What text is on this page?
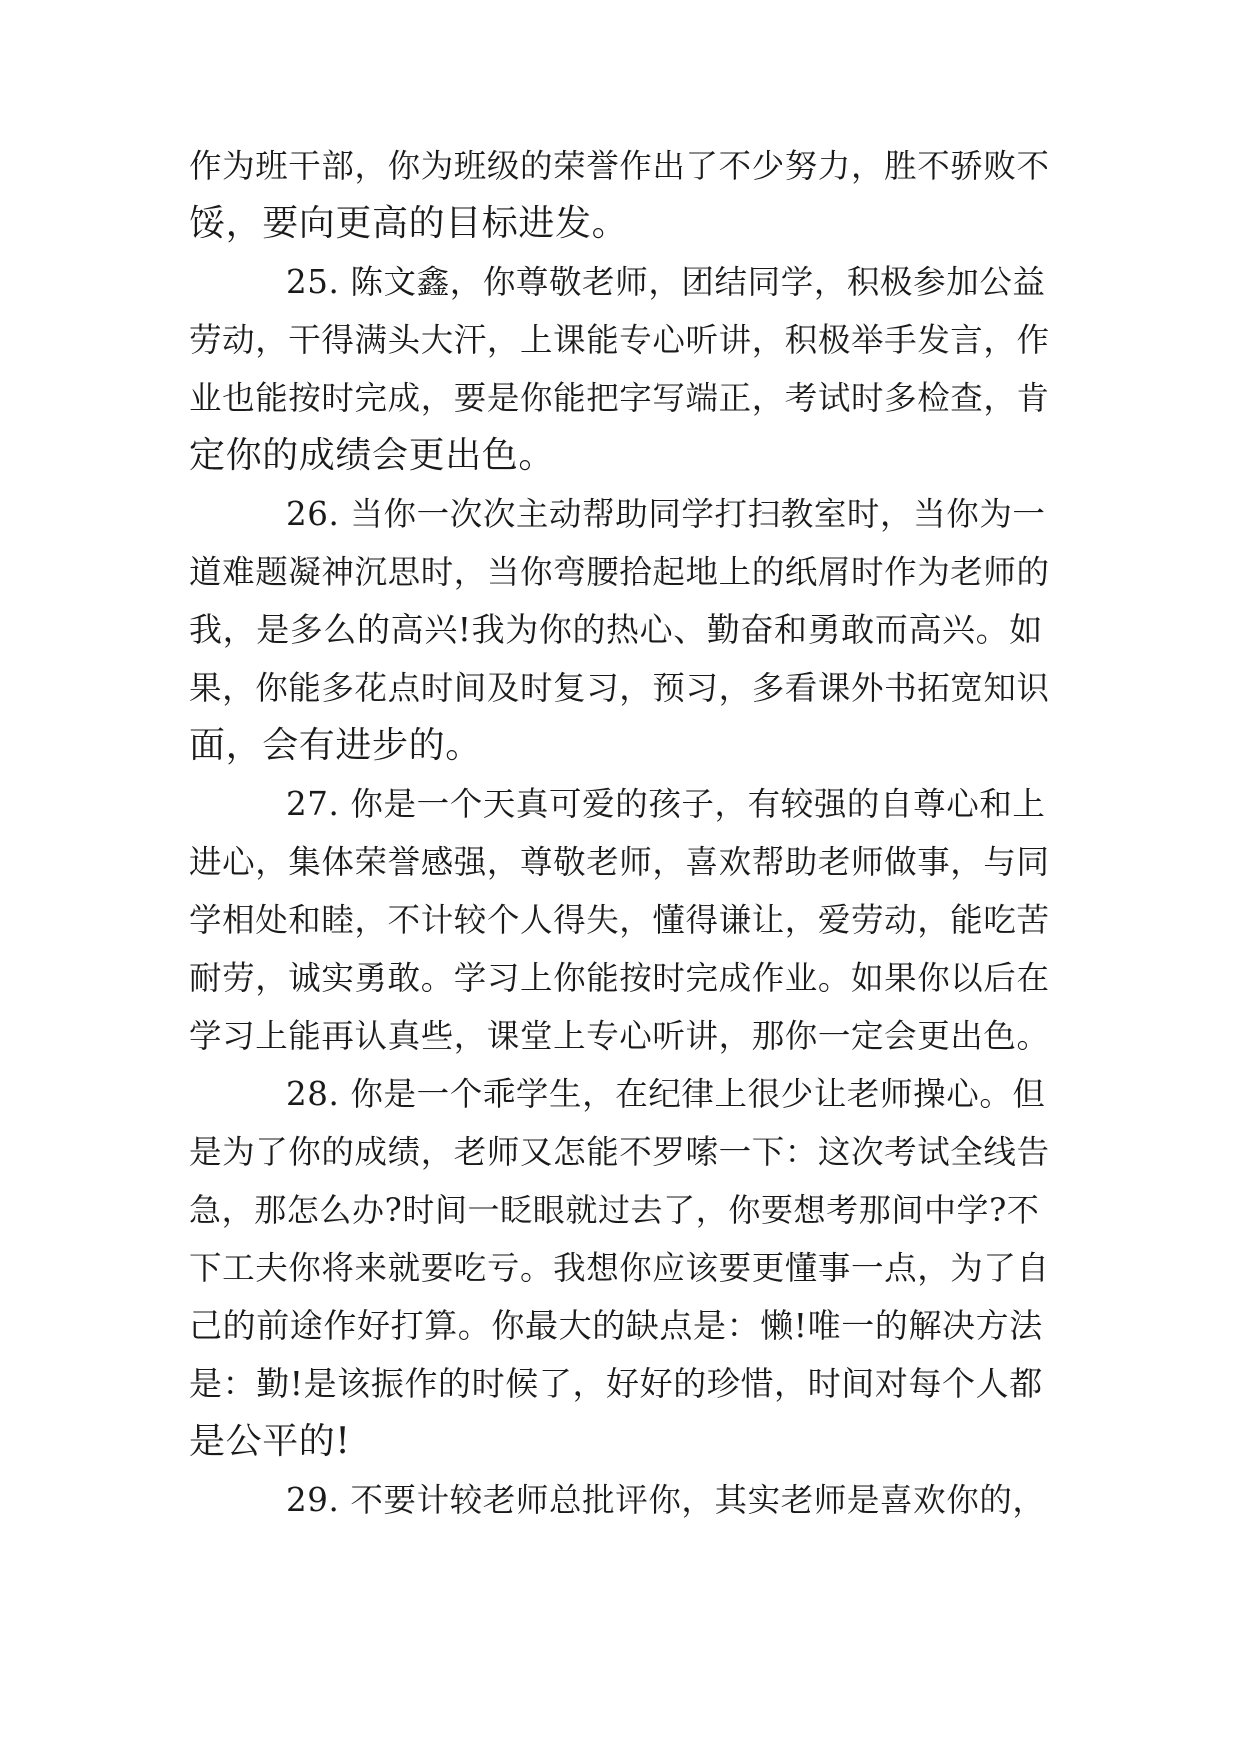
作为班干部，你为班级的荣誉作出了不少努力，胜不骄败不
馁，要向更高的目标进发。
25. 陈文鑫，你尊敬老师，团结同学，积极参加公益
劳动，干得满头大汗，上课能专心听讲，积极举手发言，作
业也能按时完成，要是你能把字写端正，考试时多检查，肯
定你的成绩会更出色。
26. 当你一次次主动帮助同学打扫教室时，当你为一
道难题凝神沉思时，当你弯腰拾起地上的纸屑时作为老师的
我，是多么的高兴!我为你的热心、勤奋和勇敢而高兴。如
果，你能多花点时间及时复习，预习，多看课外书拓宽知识
面，会有进步的。
27. 你是一个天真可爱的孩子，有较强的自尊心和上
进心，集体荣誉感强，尊敬老师，喜欢帮助老师做事，与同
学相处和睦，不计较个人得失，懂得谦让，爱劳动，能吃苦
耐劳，诚实勇敢。学习上你能按时完成作业。如果你以后在
学习上能再认真些，课堂上专心听讲，那你一定会更出色。
28. 你是一个乖学生，在纪律上很少让老师操心。但
是为了你的成绩，老师又怎能不罗嗦一下：这次考试全线告
急，那怎么办?时间一眨眼就过去了，你要想考那间中学?不
下工夫你将来就要吃亏。我想你应该要更懂事一点，为了自
己的前途作好打算。你最大的缺点是：懒!唯一的解决方法
是：勤!是该振作的时候了，好好的珍惜，时间对每个人都
是公平的!
29. 不要计较老师总批评你，其实老师是喜欢你的，
